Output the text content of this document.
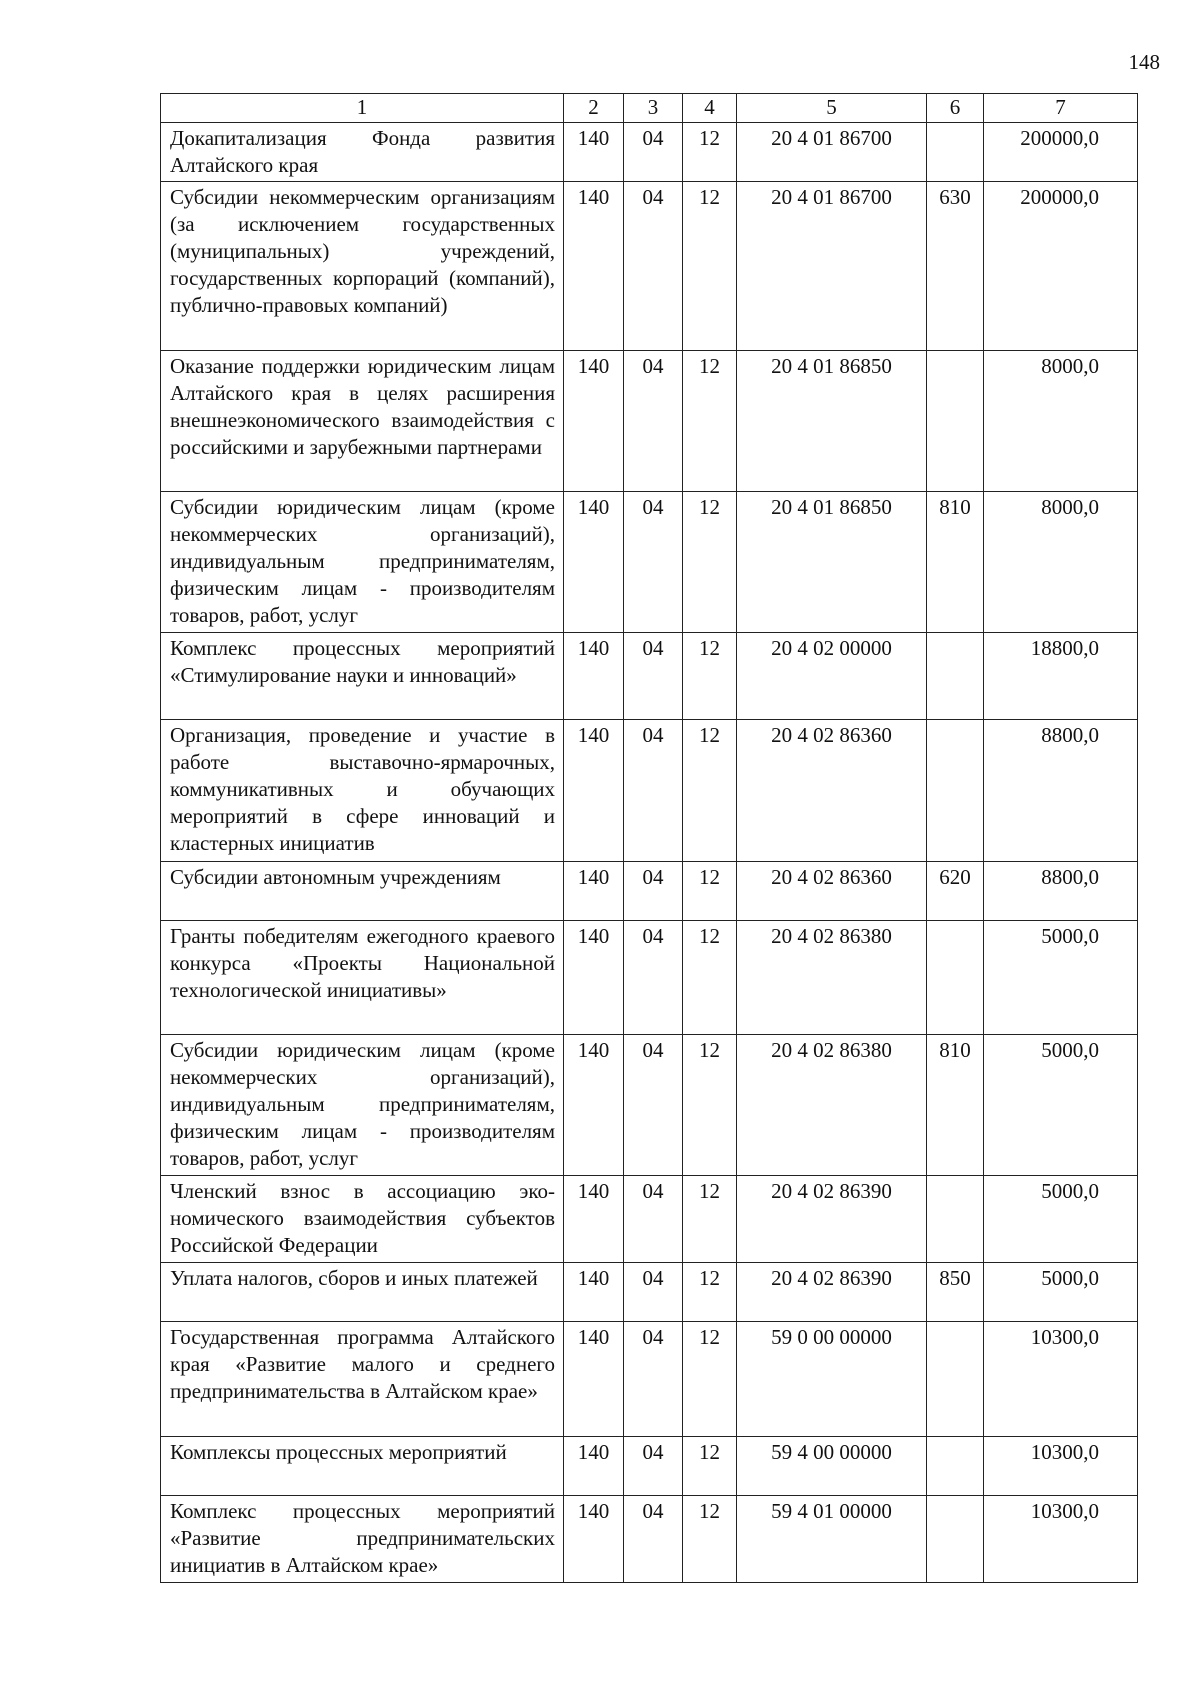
148
1	2	3	4	5	6	7
Докапитализация Фонда развития Алтайского края	140	04	12	20 4 01 86700		200000,0
Субсидии некоммерческим организациям (за исключением государственных (муниципальных) учреждений, государственных корпораций (компаний), публично-правовых компаний)	140	04	12	20 4 01 86700	630	200000,0
Оказание поддержки юридическим лицам Алтайского края в целях расширения внешнеэкономического взаимодействия с российскими и зарубежными партнерами	140	04	12	20 4 01 86850		8000,0
Субсидии юридическим лицам (кроме некоммерческих организаций), индивидуальным предпринимателям, физическим лицам - производителям товаров, работ, услуг	140	04	12	20 4 01 86850	810	8000,0
Комплекс процессных мероприятий «Стимулирование науки и инноваций»	140	04	12	20 4 02 00000		18800,0
Организация, проведение и участие в работе выставочно-ярмарочных, коммуникативных и обучающих мероприятий в сфере инноваций и кластерных инициатив	140	04	12	20 4 02 86360		8800,0
Субсидии автономным учреждениям	140	04	12	20 4 02 86360	620	8800,0
Гранты победителям ежегодного краевого конкурса «Проекты Национальной технологической инициативы»	140	04	12	20 4 02 86380		5000,0
Субсидии юридическим лицам (кроме некоммерческих организаций), индивидуальным предпринимателям, физическим лицам - производителям товаров, работ, услуг	140	04	12	20 4 02 86380	810	5000,0
Членский взнос в ассоциацию экономического взаимодействия субъектов Российской Федерации	140	04	12	20 4 02 86390		5000,0
Уплата налогов, сборов и иных платежей	140	04	12	20 4 02 86390	850	5000,0
Государственная программа Алтайского края «Развитие малого и среднего предпринимательства в Алтайском крае»	140	04	12	59 0 00 00000		10300,0
Комплексы процессных мероприятий	140	04	12	59 4 00 00000		10300,0
Комплекс процессных мероприятий «Развитие предпринимательских инициатив в Алтайском крае»	140	04	12	59 4 01 00000		10300,0
